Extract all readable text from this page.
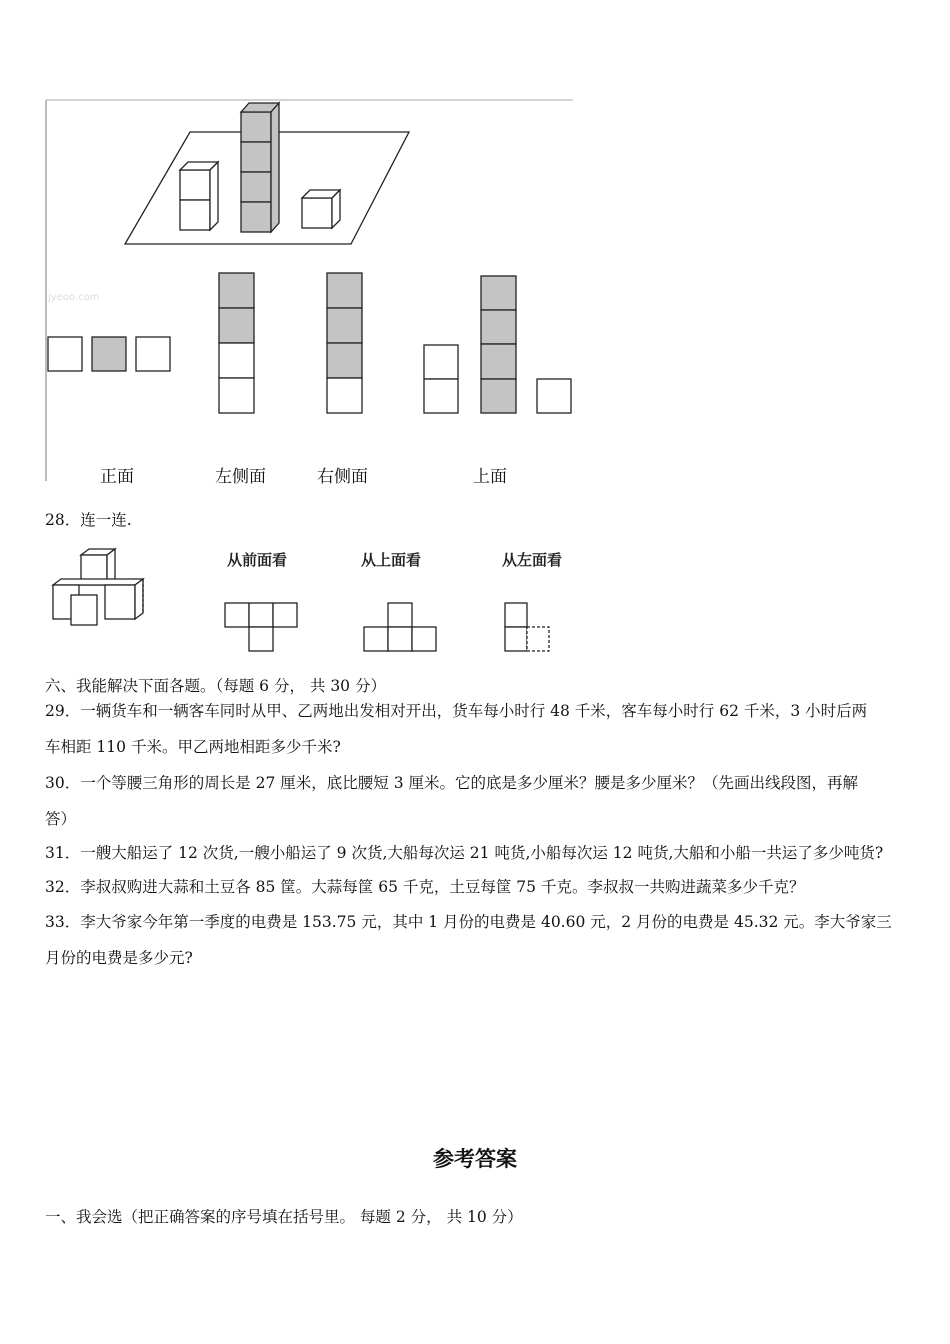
jyeoo.com
正面	左侧面	右侧面	上面
28．连一连.
从前面看	从上面看	从左面看
六、我能解决下面各题。（每题 6 分， 共 30 分）
29．一辆货车和一辆客车同时从甲、乙两地出发相对开出，货车每小时行 48 千米，客车每小时行 62 千米，3 小时后两
车相距 110 千米。甲乙两地相距多少千米?
30．一个等腰三角形的周长是 27 厘米，底比腰短 3 厘米。它的底是多少厘米？腰是多少厘米？（先画出线段图，再解
答）
31．一艘大船运了 12 次货,一艘小船运了 9 次货,大船每次运 21 吨货,小船每次运 12 吨货,大船和小船一共运了多少吨货?
32．李叔叔购进大蒜和土豆各 85 筐。大蒜每筐 65 千克，土豆每筐 75 千克。李叔叔一共购进蔬菜多少千克？
33．李大爷家今年第一季度的电费是 153.75 元，其中 1 月份的电费是 40.60 元，2 月份的电费是 45.32 元。李大爷家三
月份的电费是多少元?
参考答案
一、我会选（把正确答案的序号填在括号里。 每题 2 分， 共 10 分）
